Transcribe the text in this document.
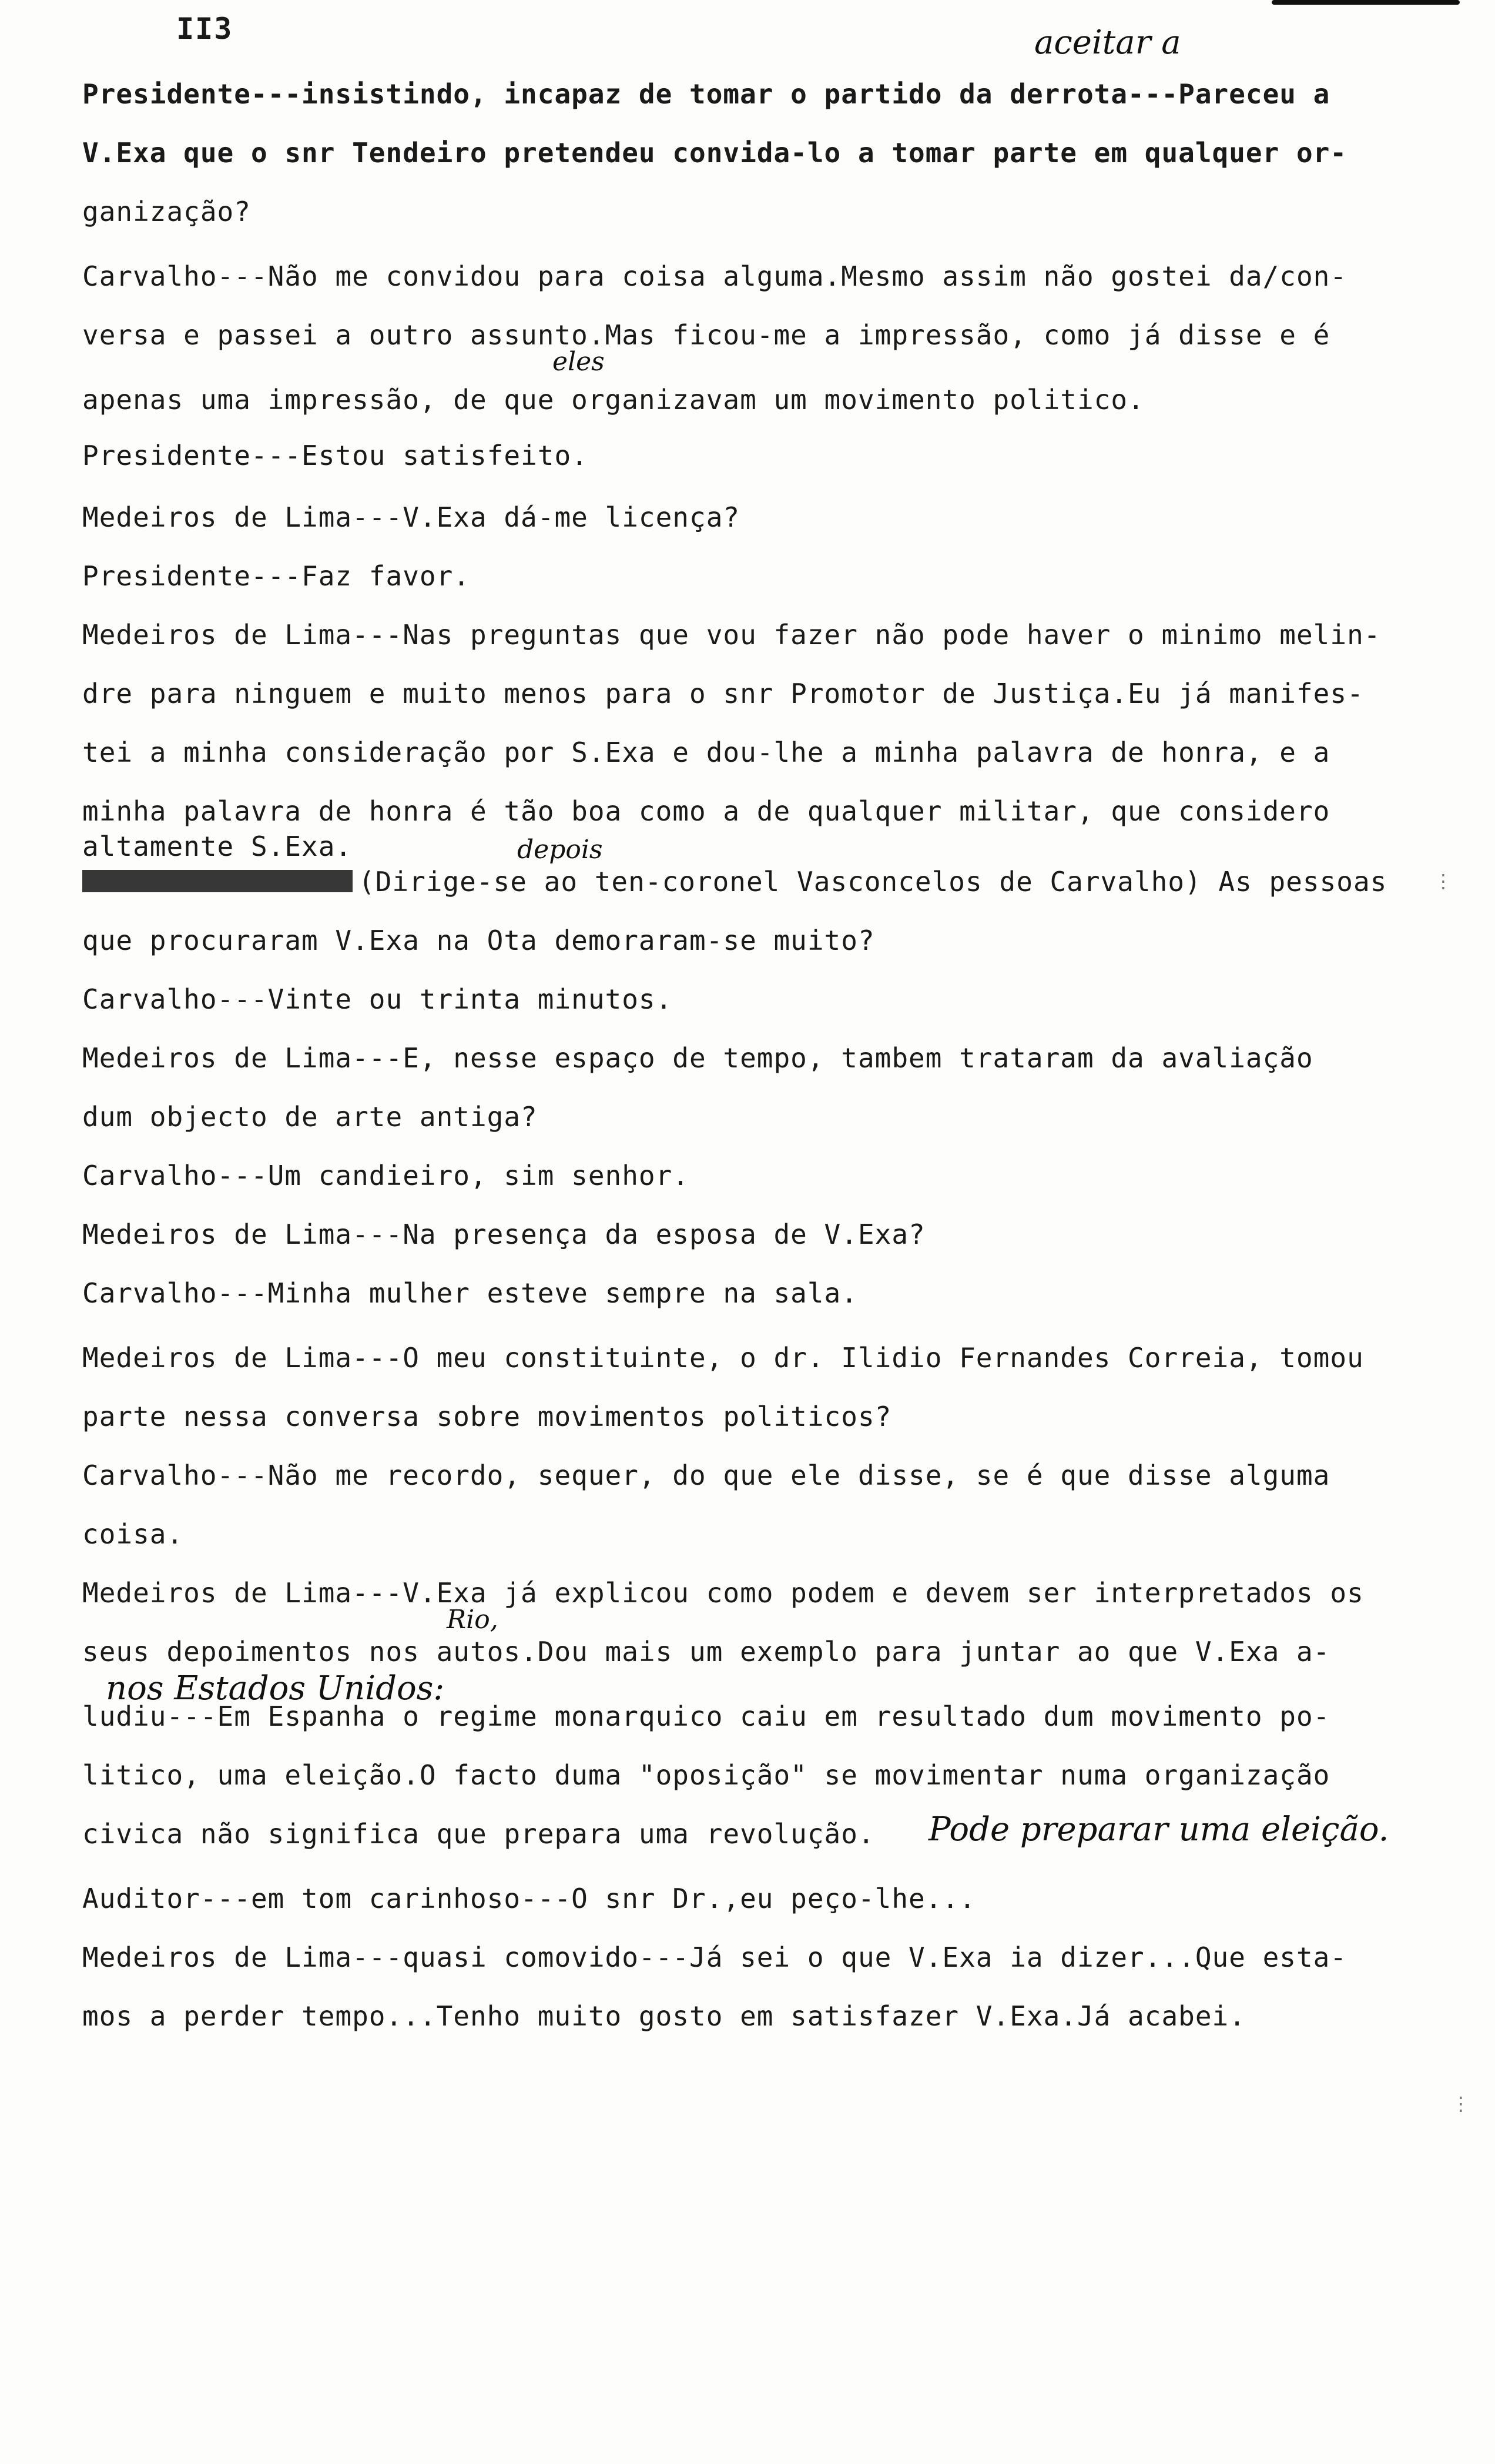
II3	aceitar a
eles
depois
Rio,
nos Estados Unidos:
Pode preparar uma eleição.
Presidente---insistindo, incapaz de tomar o partido da derrota---Pareceu a
V.Exa que o snr Tendeiro pretendeu convida-lo a tomar parte em qualquer or-
ganização?
Carvalho---Não me convidou para coisa alguma.Mesmo assim não gostei da/con-
versa e passei a outro assunto.Mas ficou-me a impressão, como já disse e é
apenas uma impressão, de que organizavam um movimento politico.
Presidente---Estou satisfeito.
Medeiros de Lima---V.Exa dá-me licença?
Presidente---Faz favor.
Medeiros de Lima---Nas preguntas que vou fazer não pode haver o minimo melin-
dre para ninguem e muito menos para o snr Promotor de Justiça.Eu já manifes-
tei a minha consideração por S.Exa e dou-lhe a minha palavra de honra, e a
minha palavra de honra é tão boa como a de qualquer militar, que considero
altamente S.Exa.
(Dirige-se ao ten-coronel Vasconcelos de Carvalho) As pessoas
que procuraram V.Exa na Ota demoraram-se muito?
Carvalho---Vinte ou trinta minutos.
Medeiros de Lima---E, nesse espaço de tempo, tambem trataram da avaliação
dum objecto de arte antiga?
Carvalho---Um candieiro, sim senhor.
Medeiros de Lima---Na presença da esposa de V.Exa?
Carvalho---Minha mulher esteve sempre na sala.
Medeiros de Lima---O meu constituinte, o dr. Ilidio Fernandes Correia, tomou
parte nessa conversa sobre movimentos politicos?
Carvalho---Não me recordo, sequer, do que ele disse, se é que disse alguma
coisa.
Medeiros de Lima---V.Exa já explicou como podem e devem ser interpretados os
seus depoimentos nos autos.Dou mais um exemplo para juntar ao que V.Exa a-
ludiu---Em Espanha o regime monarquico caiu em resultado dum movimento po-
litico, uma eleição.O facto duma "oposição" se movimentar numa organização
civica não significa que prepara uma revolução.
Auditor---em tom carinhoso---O snr Dr.,eu peço-lhe...
Medeiros de Lima---quasi comovido---Já sei o que V.Exa ia dizer...Que esta-
mos a perder tempo...Tenho muito gosto em satisfazer V.Exa.Já acabei.
⋮
⋮
